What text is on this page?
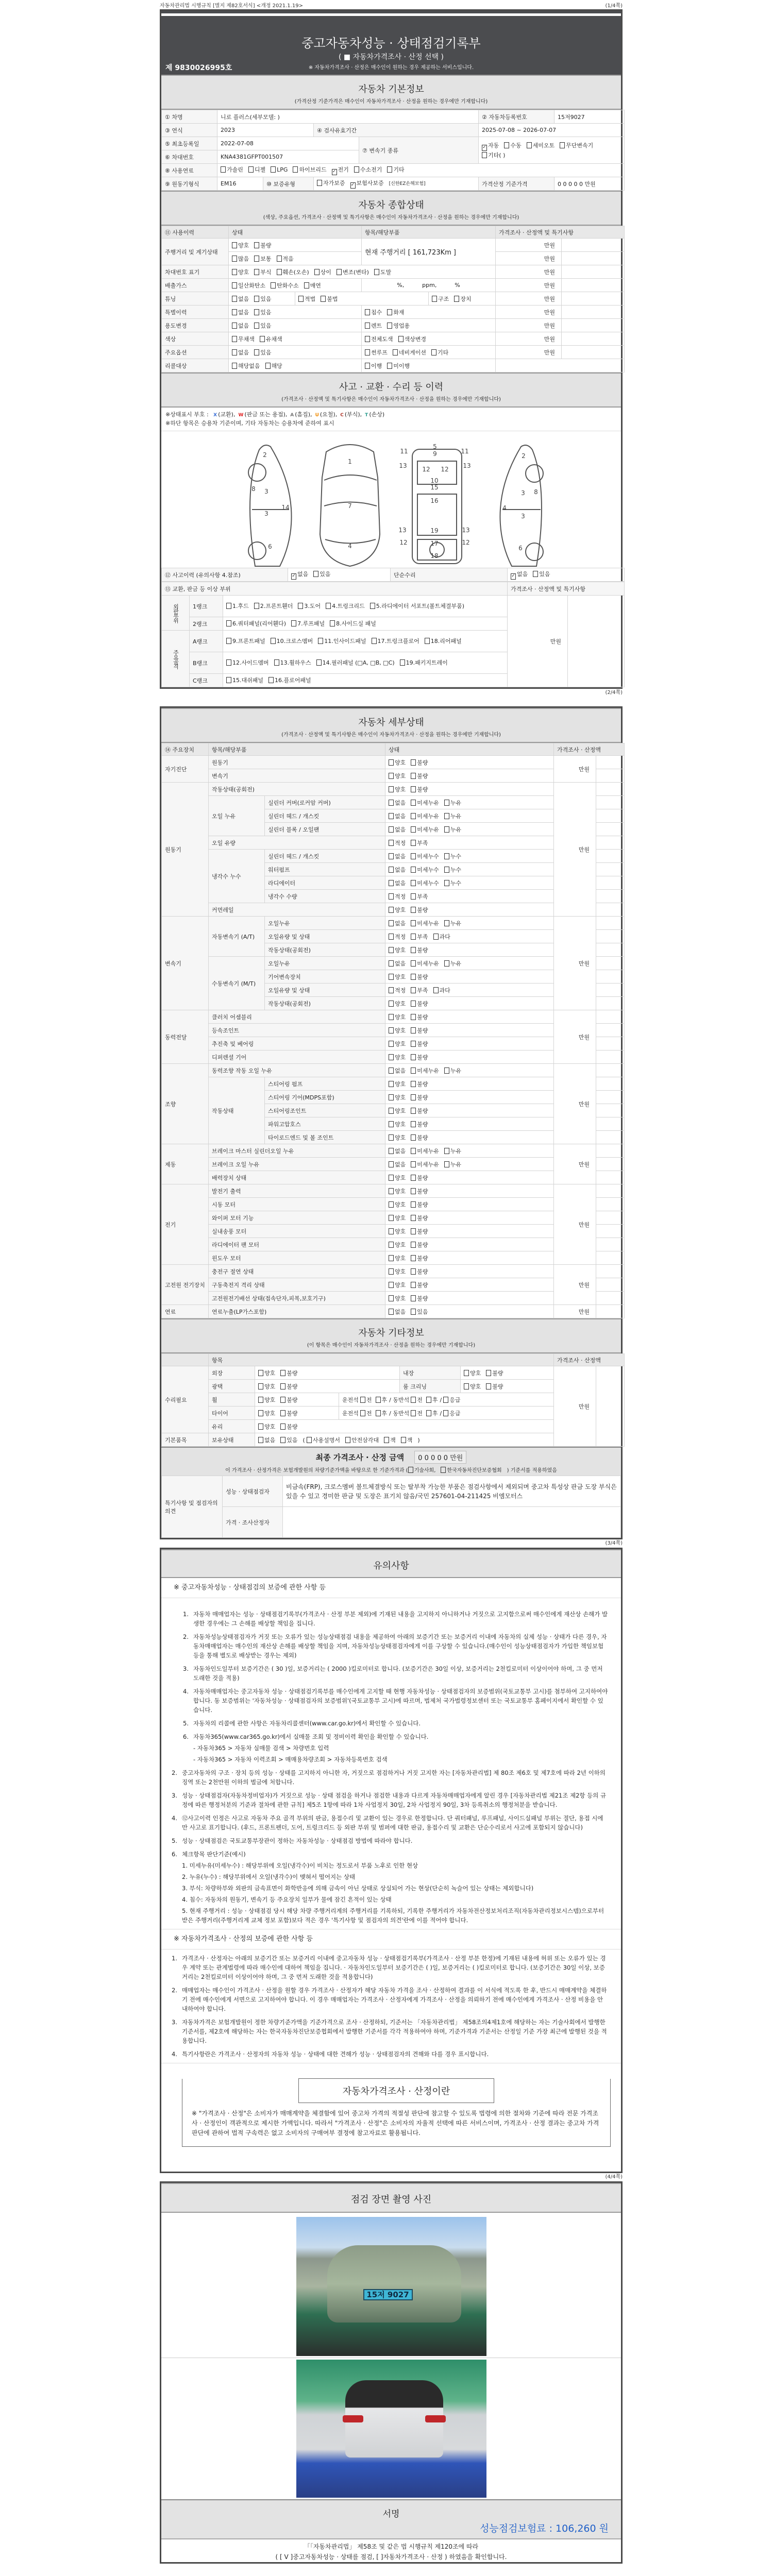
자동차관리법 시행규칙 [별지 제82호서식] <개정 2021.1.19>	(1/4쪽)
중고자동차성능 · 상태점검기록부
( ■ 자동차가격조사 · 산정 선택 )
※ 자동차가격조사 · 산정은 매수인이 원하는 경우 제공하는 서비스입니다.
제 9830026995호
자동차 기본정보
(가격산정 기준가격은 매수인이 자동차가격조사 · 산정을 원하는 경우에만 기재합니다)
① 차명	니로 플러스(세부모델: )				② 자동차등록번호	15저9027
③ 연식	2023		④ 검사유효기간		2025-07-08 ~ 2026-07-07	
⑤ 최초등록일	2022-07-08			⑦ 변속기 종류	✓ 자동 수동 세미오토 무단변속기기타( )	
⑥ 차대번호	KNA4381GFPT001507					
⑧ 사용연료	가솔린 디젤 LPG 하이브리드 ✓ 전기 수소전기 기타					
⑨ 원동기형식	EM16	⑩ 보증유형	자가보증 ✓ 보험사보증 [신한EZ손해보험]		가격산정 기준가격	0 0 0 0 0 만원
자동차 종합상태
(색상, 주요옵션, 가격조사 · 산정액 및 특기사항은 매수인이 자동차가격조사 · 산정을 원하는 경우에만 기재합니다)
⑪ 사용이력	상태		항목/해당부품		가격조사 · 산정액 및 특기사항	
주행거리 및 계기상태	양호 불량		현재 주행거리 [ 161,723Km ]		만원	
	많음 보통 적음				만원	
차대번호 표기	양호 부식 훼손(오손) 상이 변조(변타) 도말				만원	
배출가스	일산화탄소 탄화수소 매연		%,          ppm,          %		만원	
튜닝	없음 있음	적법 불법		구조 장치	만원	
특별이력	없음 있음		침수 화재		만원	
용도변경	없음 있음		렌트 영업용		만원	
색상	무채색 유채색		전체도색 색상변경		만원	
주요옵션	없음 있음		썬루프 네비게이션 기타		만원	
리콜대상	해당없음 해당		이행 미이행			
사고 · 교환 · 수리 등 이력
(가격조사 · 산정액 및 특기사항은 매수인이 자동차가격조사 · 산정을 원하는 경우에만 기재합니다)
※상태표시 부호 : X (교환), W (판금 또는 용접), A (흠집), U (요철), C (부식), T (손상)
※하단 항목은 승용차 기준이며, 기타 자동차는 승용차에 준하여 표시
2
8 3
3
14
6
1
7
4
5
9
11	11
13	13
12 12
10
15
16
19
13	13
12	12
17
18
2
8
3
3
4
6
⑫ 사고이력 (유의사항 4.참조)	✓ 없음 있음	단순수리	✓ 없음 있음
⑬ 교환, 판금 등 이상 부위			가격조사 · 산정액 및 특기사항	
외판부위	1랭크	1.후드 2.프론트휀더 3.도어 4.트렁크리드 5.라디에이터 서포트(볼트체결부품)	만원	
	2랭크	6.쿼터패널(리어휀다) 7.루프패널 8.사이드실 패널		
주요골격	A랭크	9.프론트패널 10.크로스멤버 11.인사이드패널 17.트렁크플로어 18.리어패널		
	B랭크	12.사이드멤버 13.휠하우스 14.필러패널 (□A, □B, □C) 19.패키지트레이		
	C랭크	15.대쉬패널 16.플로어패널		
(2/4쪽)
자동차 세부상태
(가격조사 · 산정액 및 특기사항은 매수인이 자동차가격조사 · 산정을 원하는 경우에만 기재합니다)
⑭ 주요장치	항목/해당부품		상태	가격조사 · 산정액	
자기진단	원동기		양호 불량	만원	
	변속기		양호 불량		
원동기	작동상태(공회전)		양호 불량	만원	
	오일 누유	실린더 커버(로커암 커버)	없음 미세누유 누유		
		실린더 헤드 / 개스킷	없음 미세누유 누유		
		실린더 블록 / 오일팬	없음 미세누유 누유		
	오일 유량		적정 부족		
	냉각수 누수	실린더 헤드 / 개스킷	없음 미세누수 누수		
		워터펌프	없음 미세누수 누수		
		라디에이터	없음 미세누수 누수		
		냉각수 수량	적정 부족		
	커먼레일		양호 불량		
변속기	자동변속기 (A/T)	오일누유	없음 미세누유 누유	만원	
		오일유량 및 상태	적정 부족 과다		
		작동상태(공회전)	양호 불량		
	수동변속기 (M/T)	오일누유	없음 미세누유 누유		
		기어변속장치	양호 불량		
		오일유량 및 상태	적정 부족 과다		
		작동상태(공회전)	양호 불량		
동력전달	클러치 어셈블리		양호 불량	만원	
	등속조인트		양호 불량		
	추진축 및 베어링		양호 불량		
	디퍼렌셜 기어		양호 불량		
조향	동력조향 작동 오일 누유		없음 미세누유 누유	만원	
	작동상태	스티어링 펌프	양호 불량		
		스티어링 기어(MDPS포함)	양호 불량		
		스티어링조인트	양호 불량		
		파워고압호스	양호 불량		
		타이로드엔드 및 볼 조인트	양호 불량		
제동	브레이크 마스터 실린더오일 누유		없음 미세누유 누유	만원	
	브레이크 오일 누유		없음 미세누유 누유		
	배력장치 상태		양호 불량		
전기	발전기 출력		양호 불량	만원	
	시동 모터		양호 불량		
	와이퍼 모터 기능		양호 불량		
	실내송풍 모터		양호 불량		
	라디에이터 팬 모터		양호 불량		
	윈도우 모터		양호 불량		
고전원 전기장치	충전구 절연 상태		양호 불량	만원	
	구동축전지 격리 상태		양호 불량		
	고전원전기배선 상태(접속단자,피복,보호기구)		양호 불량		
연료	연료누출(LP가스포함)		없음 있음	만원	
자동차 기타정보
(이 항목은 매수인이 자동차가격조사 · 산정을 원하는 경우에만 기재합니다)
	항목					가격조사 · 산정액	
수리필요	외장	양호 불량		내장	양호 불량	만원	
	광택	양호 불량		룸 크리닝	양호 불량		
	휠	양호 불량	운전석 전 후 / 동반석 전 후 / 응급				
	타이어	양호 불량	운전석 전 후 / 동반석 전 후 / 응급				
	유리	양호 불량					
기본품목	보유상태	없음 있음 ( 사용설명서 안전삼각대 잭 잭 )					
최종 가격조사 · 산정 금액 0 0 0 0 0 만원
이 가격조사 · 산정가격은 보험개발원의 차량기준가액을 바탕으로 한 기준가격과 ( 기술사회, 한국자동차진단보증협회 ) 기준서를 적용하였음
특기사항 및 점검자의 의견	성능 · 상태점검자	비금속(FRP), 크로스멤버 볼트체결방식 또는 탈부착 가능한 부품은 점검사항에서 제외되며 중고차 특성상 판금 도장 부식은 있을 수 있고 경미한 판금 및 도장은 표기치 않음/국민 257601-04-211425 비엠모터스
	가격 · 조사산정자	
(3/4쪽)
유의사항
※ 중고자동차성능 · 상태점검의 보증에 관한 사항 등
1. 자동차 매매업자는 성능 · 상태점검기록부(가격조사 · 산정 부분 제외)에 기재된 내용을 고지하지 아니하거나 거짓으로 고지함으로써 매수인에게 재산상 손해가 발생한 경우에는 그 손해를 배상할 책임을 집니다.
2. 자동차성능상태점검자가 거짓 또는 오류가 있는 성능상태점검 내용을 제공하여 아래의 보증기간 또는 보증거리 이내에 자동차의 실제 성능 · 상태가 다른 경우, 자동차매매업자는 매수인의 재산상 손해를 배상할 책임을 지며, 자동차성능상태점검자에게 이를 구상할 수 있습니다.(매수인이 성능상태점검자가 가입한 책임보험 등을 통해 별도로 배상받는 경우는 제외)
3. 자동차인도일부터 보증기간은 ( 30 )일, 보증거리는 ( 2000 )킬로미터로 합니다. (보증기간은 30일 이상, 보증거리는 2천킬로미터 이상이어야 하며, 그 중 먼저 도래한 것을 적용)
4. 자동차매매업자는 중고자동차 성능 · 상태점검기록부를 매수인에게 고지할 때 현행 자동차성능 · 상태점검자의 보증범위(국토교통부 고시)를 첨부하여 고지하여야 합니다. 동 보증범위는 '자동차성능 · 상태점검자의 보증범위'(국토교통부 고시)에 따르며, 법제처 국가법령정보센터 또는 국토교통부 홈페이지에서 확인할 수 있습니다.
5. 자동차의 리콜에 관한 사항은 자동차리콜센터(www.car.go.kr)에서 확인할 수 있습니다.
6. 자동차365(www.car365.go.kr)에서 실매물 조회 및 정비이력 확인을 확인할 수 있습니다.
- 자동차365 > 자동차 실매물 검색 > 차량번호 입력
- 자동차365 > 자동차 이력조회 > 매매용차량조회 > 자동차등록번호 검색
2. 중고자동차의 구조 · 장치 등의 성능 · 상태를 고지하지 아니한 자, 거짓으로 점검하거나 거짓 고지한 자는 [자동차관리법] 제 80조 제6호 및 제7호에 따라 2년 이하의 징역 또는 2천만원 이하의 벌금에 처합니다.
3. 성능 · 상태점검자(자동차정비업자)가 거짓으로 성능 · 상태 점검을 하거나 점검한 내용과 다르게 자동차매매업자에게 알린 경우 [자동차관리법 제21조 제2항 등의 규정에 따른 행정처분의 기준과 절차에 관한 규칙] 제5조 1항에 따라 1차 사업정지 30일, 2차 사업정지 90일, 3차 등록취소의 행정처분을 받습니다.
4. ⑫사고이력 인정은 사고로 자동차 주요 골격 부위의 판금, 용접수리 및 교환이 있는 경우로 한정합니다. 단 쿼터패널, 루프패널, 사이드실패널 부위는 절단, 용접 시에만 사고로 표기합니다. (후드, 프론트펜더, 도어, 트렁크리드 등 외판 부위 및 범퍼에 대한 판금, 용접수리 및 교환은 단순수리로서 사고에 포함되지 않습니다)
5. 성능 · 상태점검은 국토교통부장관이 정하는 자동차성능 · 상태점검 방법에 따라야 합니다.
6. 체크항목 판단기준(예시)
1. 미세누유(미세누수) : 해당부위에 오일(냉각수)이 비치는 정도로서 부품 노후로 인한 현상
2. 누유(누수) : 해당부위에서 오일(냉각수)이 맺혀서 떨어지는 상태
3. 부식: 차량하부와 외판의 금속표면이 화학반응에 의해 금속이 아닌 상태로 상실되어 가는 현상(단순히 녹슬어 있는 상태는 제외합니다)
4. 침수: 자동차의 원동기, 변속기 등 주요장치 일부가 물에 잠긴 흔적이 있는 상태
5. 현재 주행거리 : 성능 · 상태점검 당시 해당 차량 주행거리계의 주행거리를 기록하되, 기록한 주행거리가 자동차전산정보처리조직(자동차관리정보시스템)으로부터 받은 주행거리(주행거리계 교체 정보 포함)보다 적은 경우 '특기사항 및 점검자의 의견'란에 이를 적어야 합니다.
※ 자동차가격조사 · 산정의 보증에 관한 사항 등
1. 가격조사 · 산정자는 아래의 보증기간 또는 보증거리 이내에 중고자동차 성능 · 상태점검기록부(가격조사 · 산정 부분 한정)에 기재된 내용에 허위 또는 오류가 있는 경우 계약 또는 관계법령에 따라 매수인에 대하여 책임을 집니다. · 자동차인도일부터 보증기간은 ( )일, 보증거리는 ( )킬로미터로 합니다. (보증기간은 30일 이상, 보증거리는 2천킬로미터 이상이어야 하며, 그 중 먼저 도래한 것을 적용합니다)
2. 매매업자는 매수인이 가격조사 · 산정을 원할 경우 가격조사 · 산정자가 해당 자동차 가격을 조사 · 산정하여 결과를 이 서식에 적도록 한 후, 반드시 매매계약을 체결하기 전에 매수인에게 서면으로 고지하여야 합니다. 이 경우 매매업자는 가격조사 · 산정자에게 가격조사 · 산정을 의뢰하기 전에 매수인에게 가격조사 · 산정 비용을 안내하여야 합니다.
3. 자동차가격은 보험개발원이 정한 차량기준가액을 기준가격으로 조사 · 산정하되, 기준서는 「자동차관리법」 제58조의4제1호에 해당하는 자는 기술사회에서 발행한 기준서를, 제2호에 해당하는 자는 한국자동차진단보증협회에서 발행한 기준서를 각각 적용하여야 하며, 기준가격과 기준서는 산정일 기준 가장 최근에 발행된 것을 적용합니다.
4. 특기사항란은 가격조사 · 산정자의 자동차 성능 · 상태에 대한 견해가 성능 · 상태점검자의 견해와 다를 경우 표시합니다.
자동차가격조사 · 산정이란

※ "가격조사 · 산정"은 소비자가 매매계약을 체결함에 있어 중고차 가격의 적절성 판단에 참고할 수 있도록 법령에 의한 절차와 기준에 따라 전문 가격조사 · 산정인이 객관적으로 제시한 가액입니다. 따라서 "가격조사 · 산정"은 소비자의 자율적 선택에 따른 서비스이며, 가격조사 · 산정 결과는 중고차 가격판단에 관하여 법적 구속력은 없고 소비자의 구매여부 결정에 참고자료로 활용됩니다.

(4/4쪽)
점검 장면 촬영 사진
15저 9027
서명
성능점검보험료 : 106,260 원
「「자동차관리법」 제58조 및 같은 법 시행규칙 제120조에 따라
( [ V ]중고자동차성능 · 상태를 점검, [ ]자동차가격조사 · 산정 ) 하였음을 확인합니다.
